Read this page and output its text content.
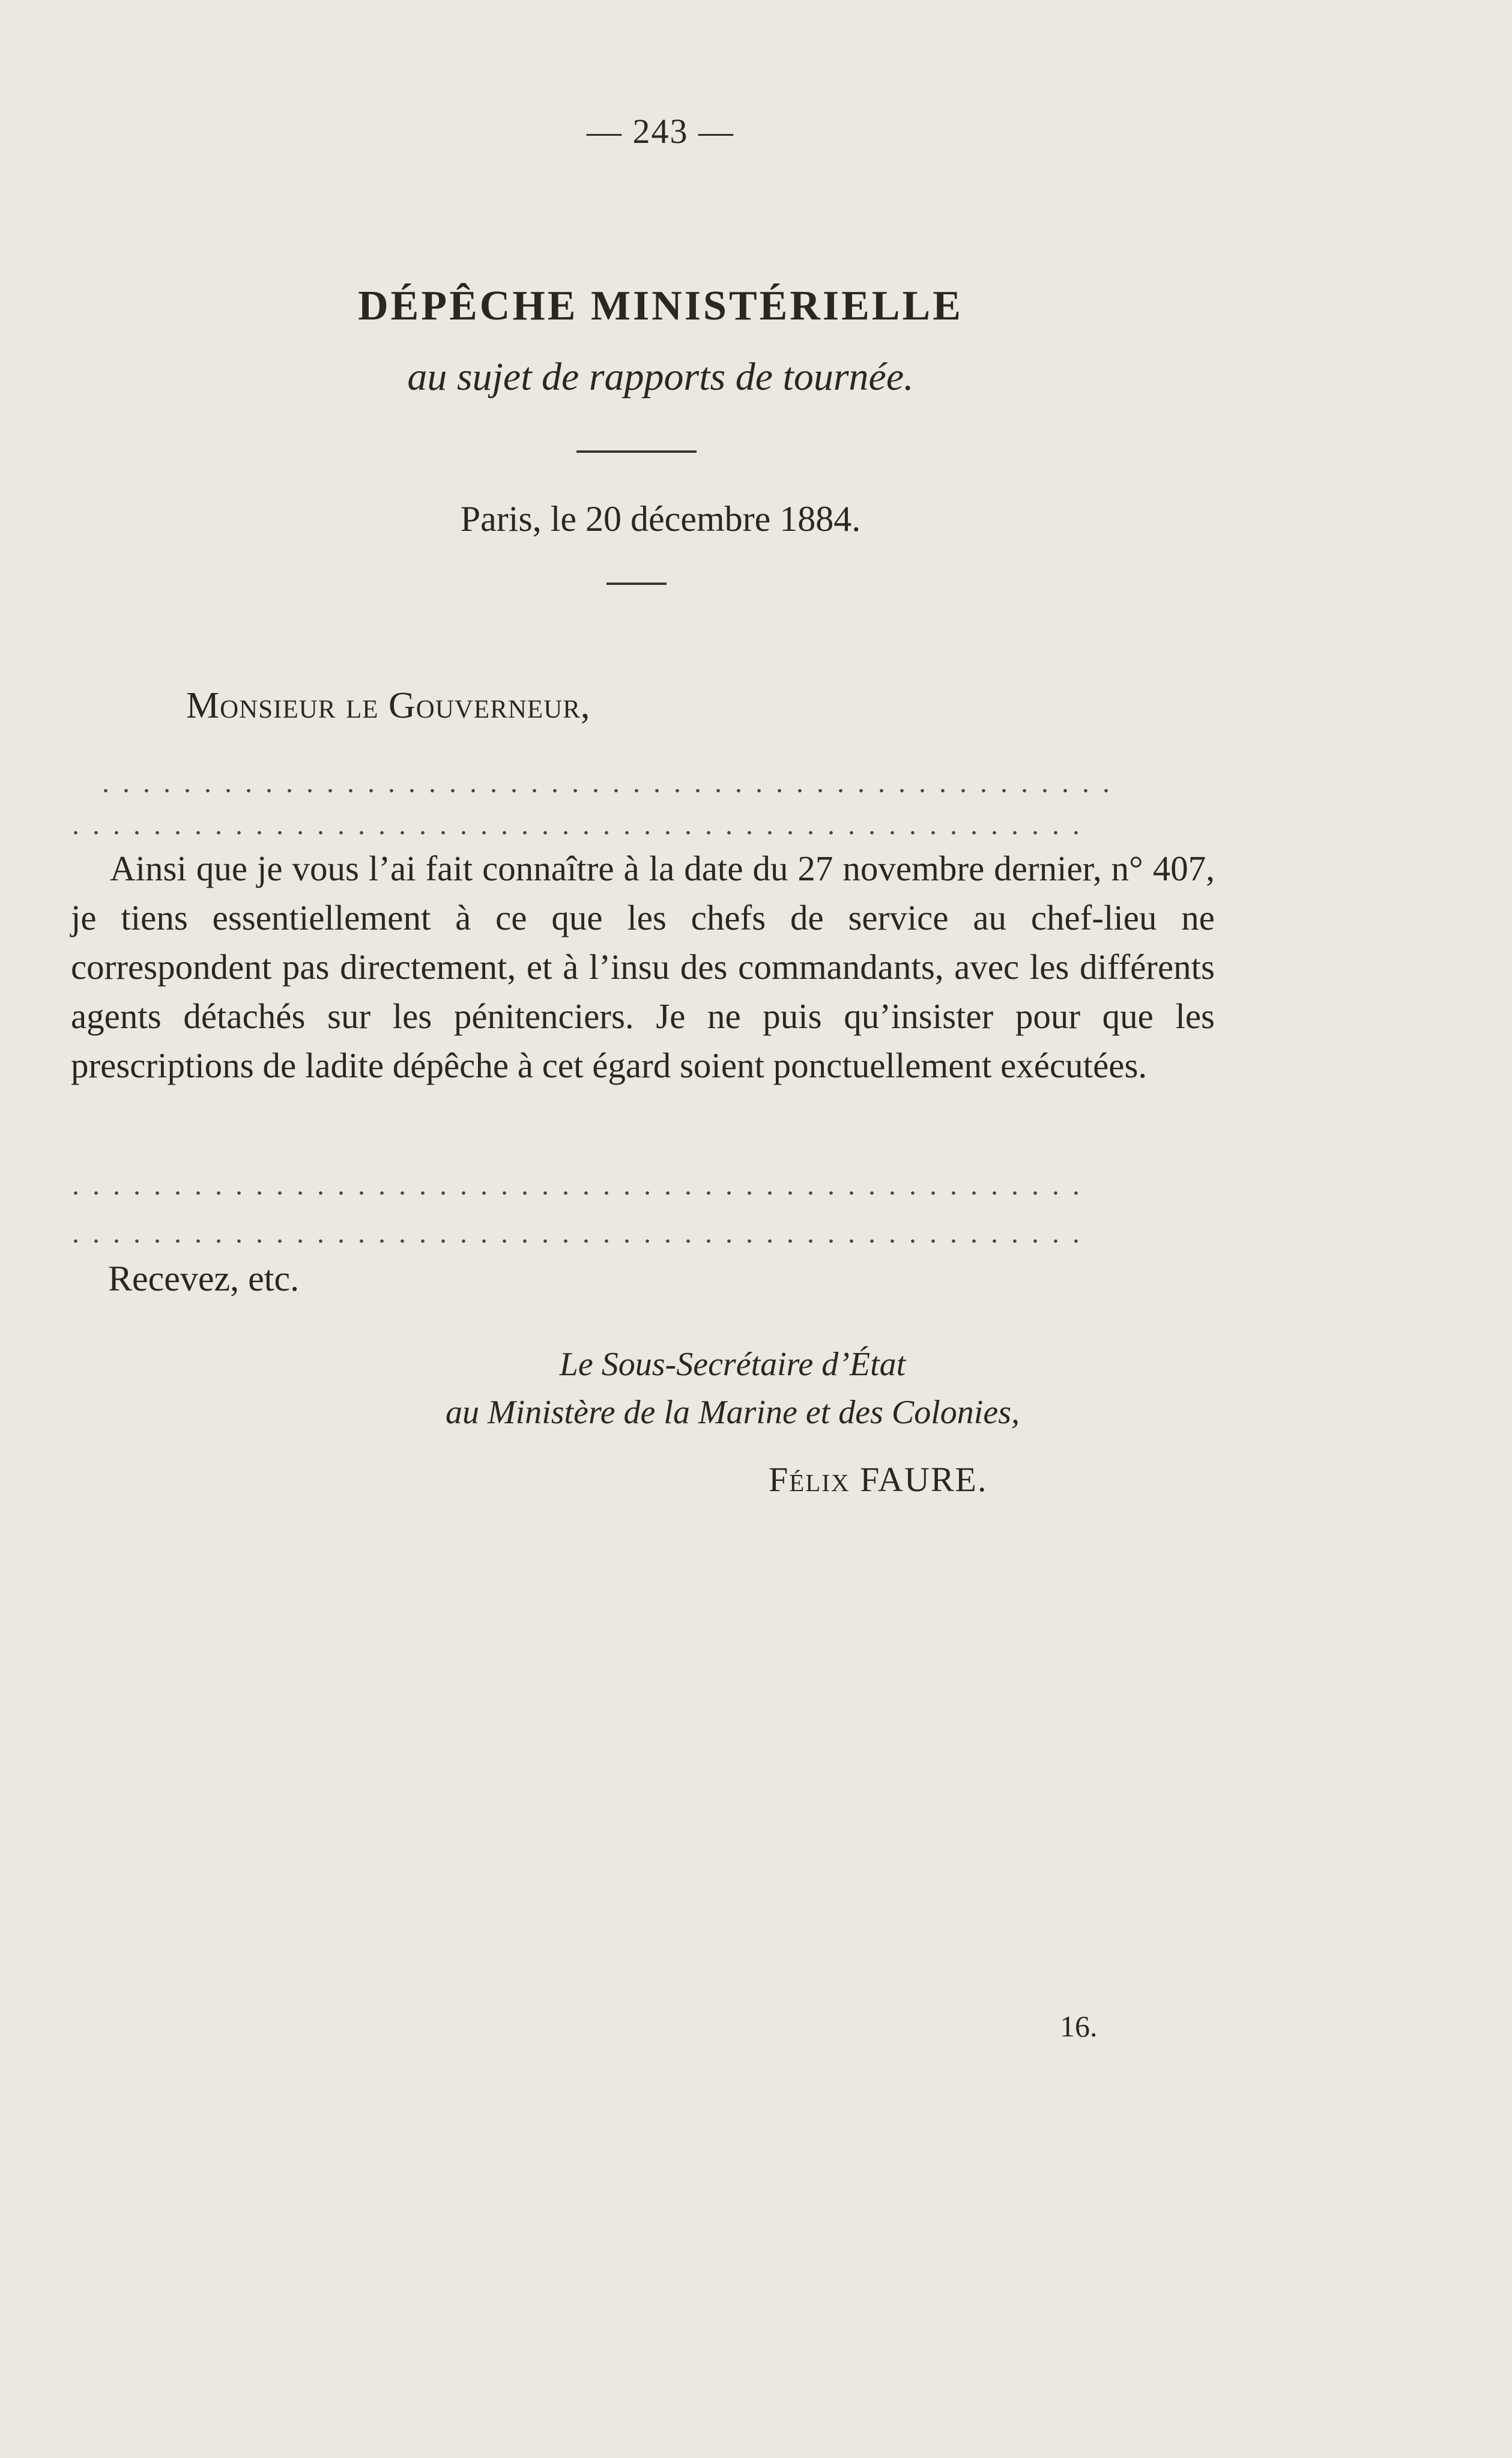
— 243 —
DÉPÊCHE MINISTÉRIELLE
au sujet de rapports de tournée.
Paris, le 20 décembre 1884.
Monsieur le Gouverneur,
..................................................
..................................................
Ainsi que je vous l’ai fait connaître à la date du 27 novembre dernier, n° 407, je tiens essentiellement à ce que les chefs de service au chef-lieu ne correspondent pas directement, et à l’insu des commandants, avec les différents agents détachés sur les pénitenciers. Je ne puis qu’insister pour que les prescriptions de ladite dépêche à cet égard soient ponctuellement exécutées.
..................................................
..................................................
Recevez, etc.
Le Sous-Secrétaire d’État
au Ministère de la Marine et des Colonies,
Félix FAURE.
16.
